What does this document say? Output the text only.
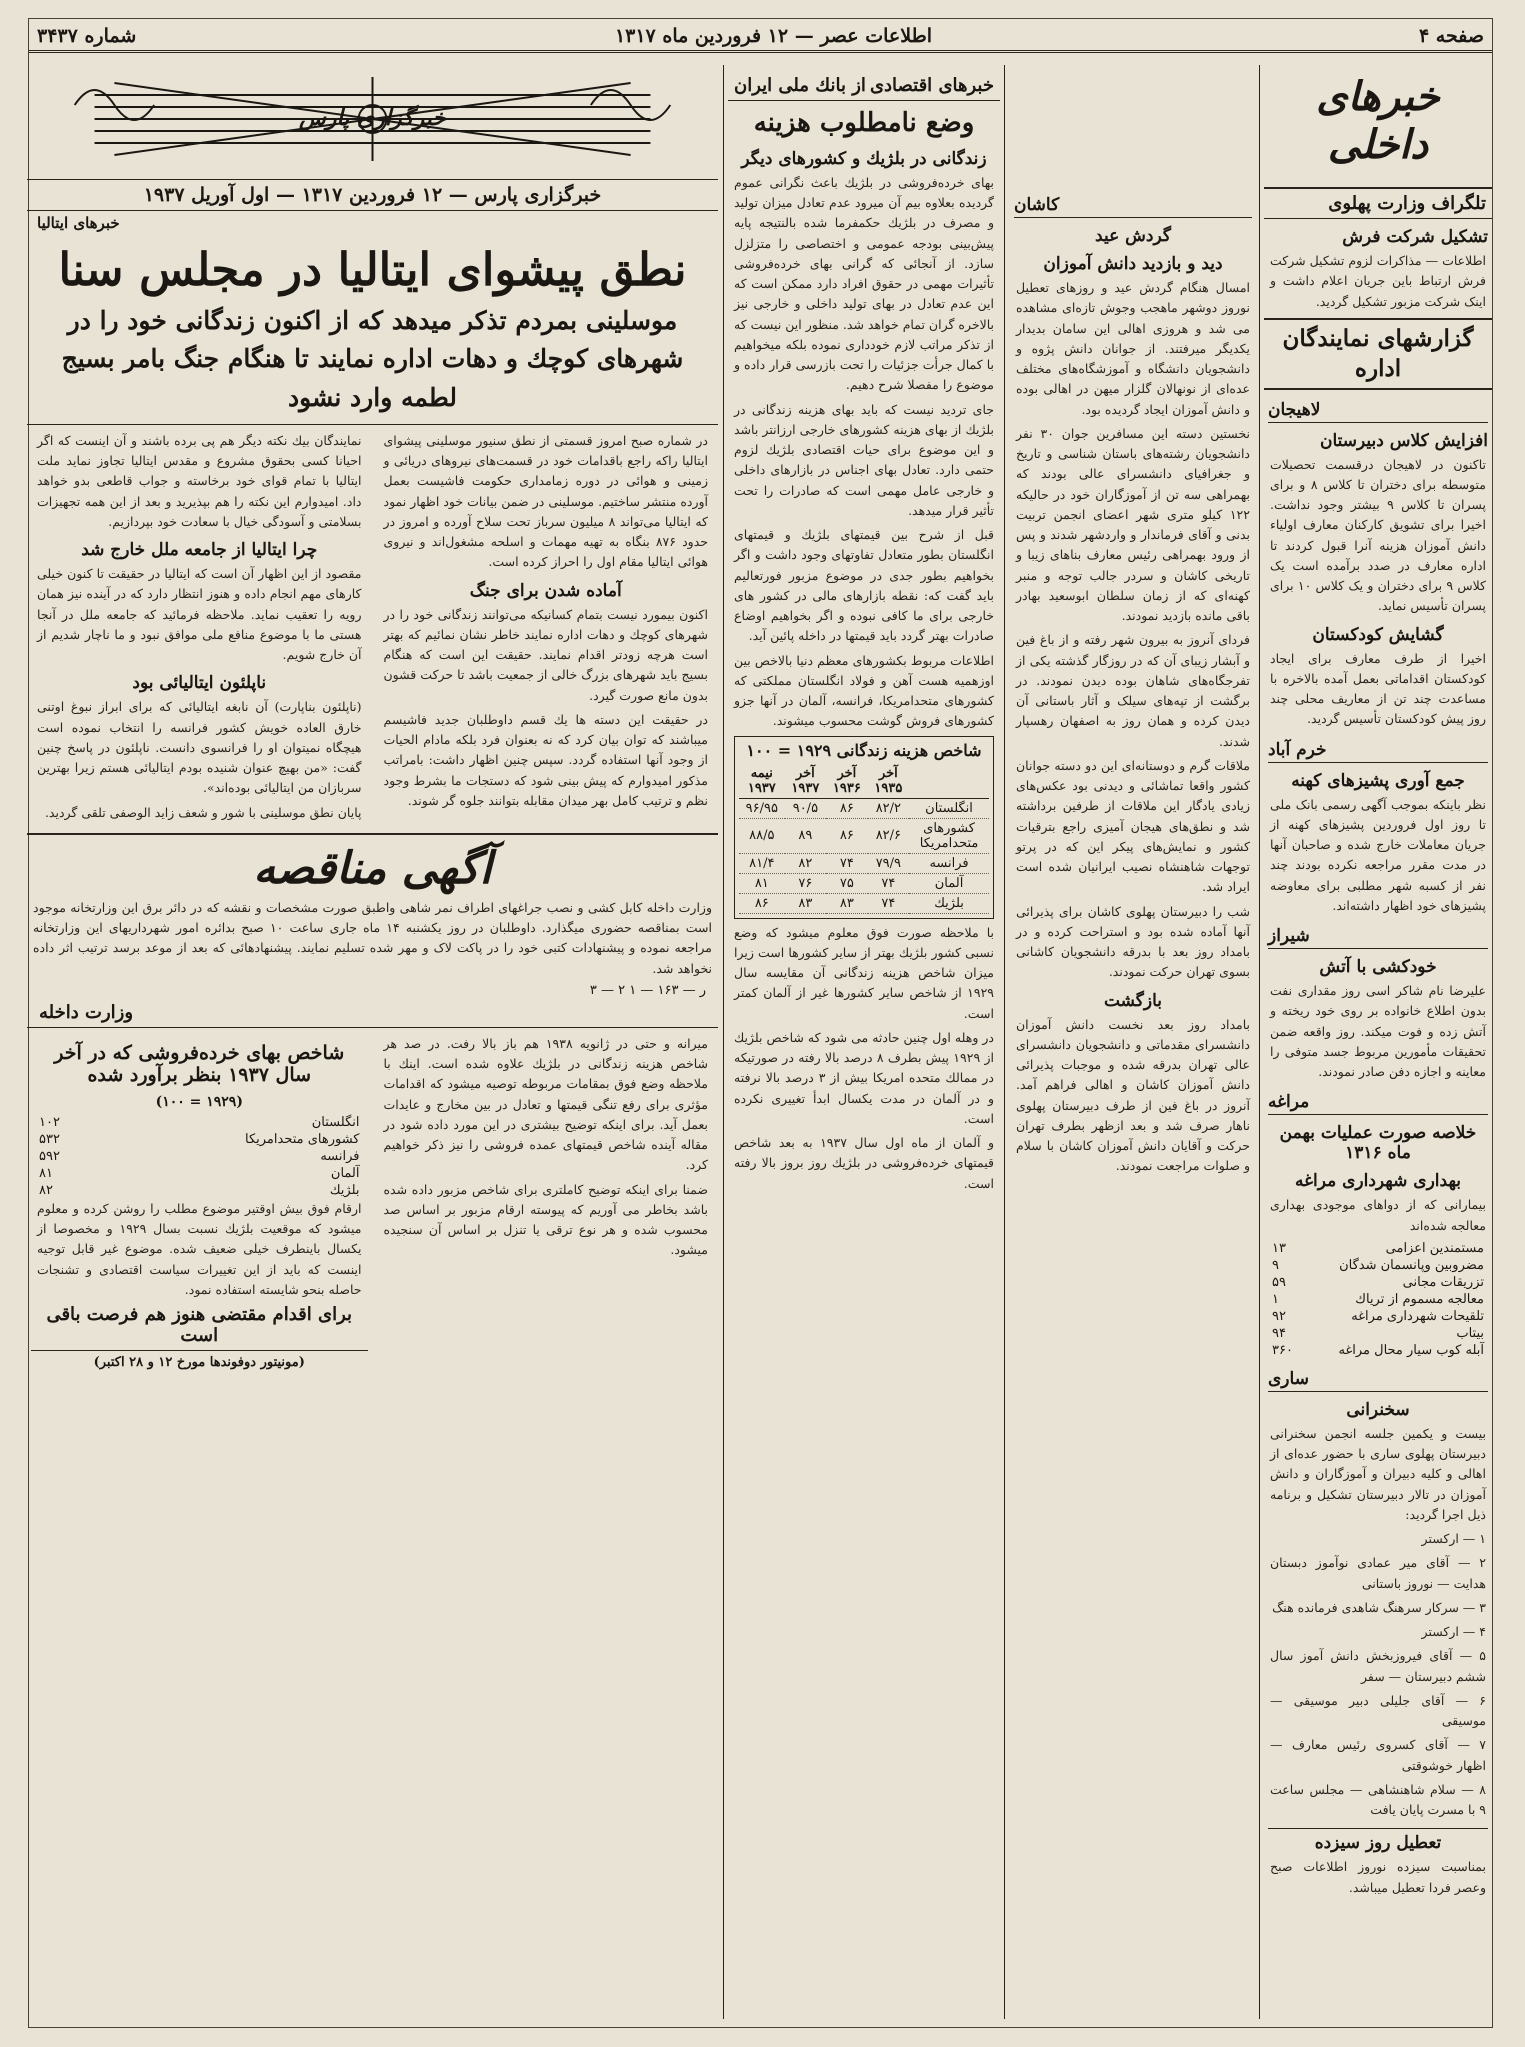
صفحه ۴
اطلاعات عصر — ۱۲ فروردین ماه ۱۳۱۷
شماره ۳۴۳۷
خبرهای داخلی
تلگراف وزارت پهلوی
تشکیل شرکت فرش

اطلاعات — مذاکرات لزوم تشکیل شرکت فرش ارتباط باین جریان اعلام داشت و اینک شرکت مزبور تشکیل گردید.

گزارشهای نمایندگان اداره
لاهیجان
افزایش کلاس دبیرستان

تاکنون در لاهیجان درقسمت تحصیلات متوسطه برای دختران تا کلاس ۸ و برای پسران تا کلاس ۹ بیشتر وجود نداشت. اخیرا برای تشویق کارکنان معارف اولیاء دانش آموزان هزینه آنرا قبول کردند تا اداره معارف در صدد برآمده است یک کلاس ۹ برای دختران و یک کلاس ۱۰ برای پسران تأسیس نماید.

گشایش کودکستان

اخیرا از طرف معارف برای ایجاد کودکستان اقداماتی بعمل آمده بالاخره با مساعدت چند تن از معاریف محلی چند روز پیش کودکستان تأسیس گردید.

خرم آباد
جمع آوری پشیزهای کهنه

نظر باینکه بموجب آگهی رسمی بانک ملی تا روز اول فروردین پشیزهای کهنه از جریان معاملات خارج شده و صاحبان آنها در مدت مقرر مراجعه نکرده بودند چند نفر از کسبه شهر مطلبی برای معاوضه پشیزهای خود اظهار داشته‌اند.

شیراز
خودکشی با آتش

علیرضا نام شاکر اسی روز مقداری نفت بدون اطلاع خانواده بر روی خود ریخته و آتش زده و فوت میکند. روز واقعه ضمن تحقیقات مأمورین مربوط جسد متوفی را معاینه و اجازه دفن صادر نمودند.

مراغه
خلاصه صورت عملیات بهمن ماه ۱۳۱۶
بهداری شهرداری مراغه

بیمارانی که از دواهای موجودی بهداری معالجه شده‌اند

مستمندین اعزامی
۱۳
مضروبین وپانسمان شدگان
۹
تزریقات مجانی
۵۹
معالجه مسموم از تریاك
۱
تلقیحات شهرداری مراغه
۹۲
بیتاب
۹۴
آبله کوب سیار محال مراغه
۳۶۰
ساری
سخنرانی

بیست و یکمین جلسه انجمن سخنرانی دبیرستان پهلوی ساری با حضور عده‌ای از اهالی و کلیه دبیران و آموزگاران و دانش آموزان در تالار دبیرستان تشکیل و برنامه ذیل اجرا گردید:

۱ — ارکستر

۲ — آقای میر عمادی نوآموز دبستان هدایت — نوروز باستانی

۳ — سرکار سرهنگ شاهدی فرمانده هنگ

۴ — ارکستر

۵ — آقای فیروزبخش دانش آموز سال ششم دبیرستان — سفر

۶ — آقای جلیلی دبیر موسیقی — موسیقی

۷ — آقای کسروی رئیس معارف — اظهار خوشوقتی

۸ — سلام شاهنشاهی — مجلس ساعت ۹ با مسرت پایان یافت

تعطیل روز سیزده

بمناسبت سیزده نوروز اطلاعات صبح وعصر فردا تعطیل میباشد.

کاشان
گردش عید
دید و بازدید دانش آموزان

امسال هنگام گردش عید و روزهای تعطیل نوروز دوشهر ماهجب وجوش تازه‌ای مشاهده می شد و هروزی اهالی این سامان بدیدار یکدیگر میرفتند. از جوانان دانش پژوه و دانشجویان دانشگاه و آموزشگاه‌های مختلف عده‌ای از نونهالان گلزار میهن در اهالی بوده و دانش آموزان ایجاد گردیده بود.

نخستین دسته این مسافرین جوان ۳۰ نفر دانشجویان رشته‌های باستان شناسی و تاریخ و جغرافیای دانشسرای عالی بودند که بهمراهی سه تن از آموزگاران خود در حالیکه ۱۲۲ کیلو متری شهر اعضای انجمن تربیت بدنی و آقای فرماندار و واردشهر شدند و پس از ورود بهمراهی رئیس معارف بناهای زیبا و تاریخی کاشان و سردر جالب توجه و منبر کهنه‌ای که از زمان سلطان ابوسعید بهادر باقی مانده بازدید نمودند.

فردای آنروز به بیرون شهر رفته و از باغ فین و آبشار زیبای آن که در روزگار گذشته یکی از تفرجگاه‌های شاهان بوده دیدن نمودند. در برگشت از تپه‌های سیلک و آثار باستانی آن دیدن کرده و همان روز به اصفهان رهسپار شدند.

ملاقات گرم و دوستانه‌ای این دو دسته جوانان کشور واقعا تماشائی و دیدنی بود عکس‌های زیادی یادگار این ملاقات از طرفین برداشته شد و نطق‌های هیجان آمیزی راجع بترقیات کشور و نمایش‌های پیکر این که در پرتو توجهات شاهنشاه نصیب ایرانیان شده است ایراد شد.

شب را دبیرستان پهلوی کاشان برای پذیرائی آنها آماده شده بود و استراحت کرده و در بامداد روز بعد با بدرقه دانشجویان کاشانی بسوی تهران حرکت نمودند.

بازگشت

بامداد روز بعد نخست دانش آموزان دانشسرای مقدماتی و دانشجویان دانشسرای عالی تهران بدرقه شده و موجبات پذیرائی دانش آموزان کاشان و اهالی فراهم آمد. آنروز در باغ فین از طرف دبیرستان پهلوی ناهار صرف شد و بعد ازظهر بطرف تهران حرکت و آقایان دانش آموزان کاشان با سلام و صلوات مراجعت نمودند.

خبرهای اقتصادی
از بانك ملی ایران
وضع نامطلوب هزینه
زندگانی در بلژیك و کشورهای دیگر

بهای خرده‌فروشی در بلژیك باعث نگرانی عموم گردیده بعلاوه بیم آن میرود عدم تعادل میزان تولید و مصرف در بلژیك حکمفرما شده بالنتیجه پایه پیش‌بینی بودجه عمومی و اختصاصی را متزلزل سازد. از آنجائی که گرانی بهای خرده‌فروشی تأثیرات مهمی در حقوق افراد دارد ممکن است که این عدم تعادل در بهای تولید داخلی و خارجی نیز بالاخره گران تمام خواهد شد. منظور این نیست که از تذکر مراتب لازم خودداری نموده بلکه میخواهیم با کمال جرأت جزئیات را تحت بازرسی قرار داده و موضوع را مفصلا شرح دهیم.

جای تردید نیست که باید بهای هزینه زندگانی در بلژیك از بهای هزینه کشورهای خارجی ارزانتر باشد و این موضوع برای حیات اقتصادی بلژیك لزوم حتمی دارد. تعادل بهای اجناس در بازارهای داخلی و خارجی عامل مهمی است که صادرات را تحت تأثیر قرار میدهد.

قبل از شرح بین قیمتهای بلژیك و قیمتهای انگلستان بطور متعادل تفاوتهای وجود داشت و اگر بخواهیم بطور جدی در موضوع مزبور فورتعالیم باید گفت که: نقطه بازارهای مالی در کشور های خارجی برای ما کافی نبوده و اگر بخواهیم اوضاع صادرات بهتر گردد باید قیمتها در داخله پائین آید.

اطلاعات مربوط بکشورهای معظم دنیا بالاخص بین اوزهمیه هست آهن و فولاد انگلستان مملکتی که کشورهای متحدامریکا، فرانسه، آلمان در آنها جزو کشورهای فروش گوشت محسوب میشوند.

شاخص هزینه زندگانی ۱۹۲۹ = ۱۰۰
	آخر ۱۹۳۵	آخر ۱۹۳۶	آخر ۱۹۳۷	نیمه ۱۹۳۷
انگلستان	۸۲/۲	۸۶	۹۰/۵	۹۶/۹۵
کشورهای متحدامریکا	۸۲/۶	۸۶	۸۹	۸۸/۵
فرانسه	۷۹/۹	۷۴	۸۲	۸۱/۴
آلمان	۷۴	۷۵	۷۶	۸۱
بلژیك	۷۴	۸۳	۸۳	۸۶

با ملاحظه صورت فوق معلوم میشود که وضع نسبی کشور بلژیك بهتر از سایر کشورها است زیرا میزان شاخص هزینه زندگانی آن مقایسه سال ۱۹۲۹ از شاخص سایر کشورها غیر از آلمان کمتر است.

در وهله اول چنین حادثه می شود که شاخص بلژیك از ۱۹۲۹ پیش بطرف ۸ درصد بالا رفته در صورتیکه در ممالك متحده امریکا بیش از ۳ درصد بالا نرفته و در آلمان در مدت یکسال ابدأ تغییری نکرده است.

و آلمان از ماه اول سال ۱۹۳۷ به بعد شاخص قیمتهای خرده‌فروشی در بلژیك روز بروز بالا رفته است.

خبرگزاری پارس
خبرگزاری پارس — ۱۲ فروردین ۱۳۱۷ — اول آوریل ۱۹۳۷
خبرهای ایتالیا
نطق پیشوای ایتالیا در مجلس سنا
موسلینی بمردم تذکر میدهد که از اکنون زندگانی خود را در شهرهای کوچك و دهات اداره نمایند تا هنگام جنگ بامر بسیج لطمه وارد نشود

در شماره صبح امروز قسمتی از نطق سنیور موسلینی پیشوای ایتالیا راکه راجع باقدامات خود در قسمت‌های نیروهای دریائی و زمینی و هوائی در دوره زمامداری حکومت فاشیست بعمل آورده منتشر ساختیم. موسلینی در ضمن بیانات خود اظهار نمود که ایتالیا می‌تواند ۸ میلیون سرباز تحت سلاح آورده و امروز در حدود ۸۷۶ بنگاه به تهیه مهمات و اسلحه مشغول‌اند و نیروی هوائی ایتالیا مقام اول را احراز کرده است.

آماده شدن برای جنگ

اکنون بیمورد نیست بتمام کسانیکه می‌توانند زندگانی خود را در شهرهای کوچك و دهات اداره نمایند خاطر نشان نمائیم که بهتر است هرچه زودتر اقدام نمایند. حقیقت این است که هنگام بسیج باید شهرهای بزرگ خالی از جمعیت باشد تا حرکت قشون بدون مانع صورت گیرد.

در حقیقت این دسته ها یك قسم داوطلبان جدید فاشیسم میباشند که تو‌ان بیان کرد که نه بعنوان فرد بلکه مادام الحیات از وجود آنها استفاده گردد. سپس چنین اظهار داشت: بامراتب مذکور امیدوارم که پیش بینی شود که دستجات ما بشرط وجود نظم و ترتیب کامل بهر میدان مقابله بتوانند جلوه گر شوند.

نمایندگان بیك نکته دیگر هم پی برده باشند و آن اینست که اگر احیانا کسی بحقوق مشروع و مقدس ایتالیا تجاوز نماید ملت ایتالیا با تمام قوای خود برخاسته و جواب قاطعی بدو خواهد داد. امیدوارم این نکته را هم بپذیرید و بعد از این همه تجهیزات بسلامتی و آسودگی خیال با سعادت خود بپردازیم.

چرا ایتالیا از جامعه ملل خارج شد

مقصود از این اظهار آن است که ایتالیا در حقیقت تا کنون خیلی کارهای مهم انجام داده و هنوز انتظار دارد که در آینده نیز همان رویه را تعقیب نماید. ملاحظه فرمائید که جامعه ملل در آنجا هستی ما با موضوع منافع ملی موافق نبود و ما ناچار شدیم از آن خارج شویم.

ناپلئون ایتالیائی بود

(ناپلئون بناپارت) آن نابغه ایتالیائی که برای ابراز نبوغ اوتنی خارق العاده خویش کشور فرانسه را انتخاب نموده است هیچگاه نمیتوان او را فرانسوی دانست. ناپلئون در پاسخ چنین گفت: «من بهیچ عنوان شنیده بودم ایتالیائی هستم زیرا بهترین سربازان من ایتالیائی بوده‌اند».

پایان نطق موسلینی با شور و شعف زاید الوصفی تلقی گردید.

آگهی مناقصه

وزارت داخله کابل کشی و نصب جراغهای اطراف نمر شاهی واطبق صورت مشخصات و نقشه که در دائر برق این وزارتخانه موجود است بمناقصه حضوری میگذارد. داوطلبان در روز یکشنبه ۱۴ ماه جاری ساعت ۱۰ صبح بدائره امور شهرداریهای این وزارتخانه مراجعه نموده و پیشنهادات کتبی خود را در پاکت لاک و مهر شده تسلیم نمایند. پیشنهادهائی که بعد از موعد برسد ترتیب اثر داده نخواهد شد.

ر — ۱۶۳ — ۱ ۲ — ۳
وزارت داخله

میرانه و حتی در ژانویه ۱۹۳۸ هم باز بالا رفت. در صد هر شاخص هزینه زندگانی در بلژیك علاوه شده است. اینك با ملاحظه وضع فوق بمقامات مربوطه توصیه میشود که اقدامات مؤثری برای رفع تنگی قیمتها و تعادل در بین مخارج و عایدات بعمل آید. برای اینکه توضیح بیشتری در این مورد داده شود در مقاله آینده شاخص قیمتهای عمده فروشی را نیز ذکر خواهیم کرد.

ضمنا برای اینکه توضیح کاملتری برای شاخص مزبور داده شده باشد بخاطر می آوریم که پیوسته ارقام مزبور بر اساس صد محسوب شده و هر نوع ترقی یا تنزل بر اساس آن سنجیده میشود.

شاخص بهای خرده‌فروشی که در آخر سال ۱۹۳۷ بنظر برآورد شده
(۱۹۲۹ = ۱۰۰)
انگلستان
۱۰۲
کشورهای متحدامریکا
۵۳۲
فرانسه
۵۹۲
آلمان
۸۱
بلژیك
۸۲

ارقام فوق بیش اوقتیر موضوع مطلب را روشن کرده و معلوم میشود که موقعیت بلژیك نسبت بسال ۱۹۲۹ و مخصوصا از یکسال باینطرف خیلی ضعیف شده. موضوع غیر قابل توجیه اینست که باید از این تغییرات سیاست اقتصادی و تشنجات حاصله بنحو شایسته استفاده نمود.

برای اقدام مقتضی هنوز هم فرصت باقی است
(مونیتور دوفوندها مورخ ۱۲ و ۲۸ اکتبر)
